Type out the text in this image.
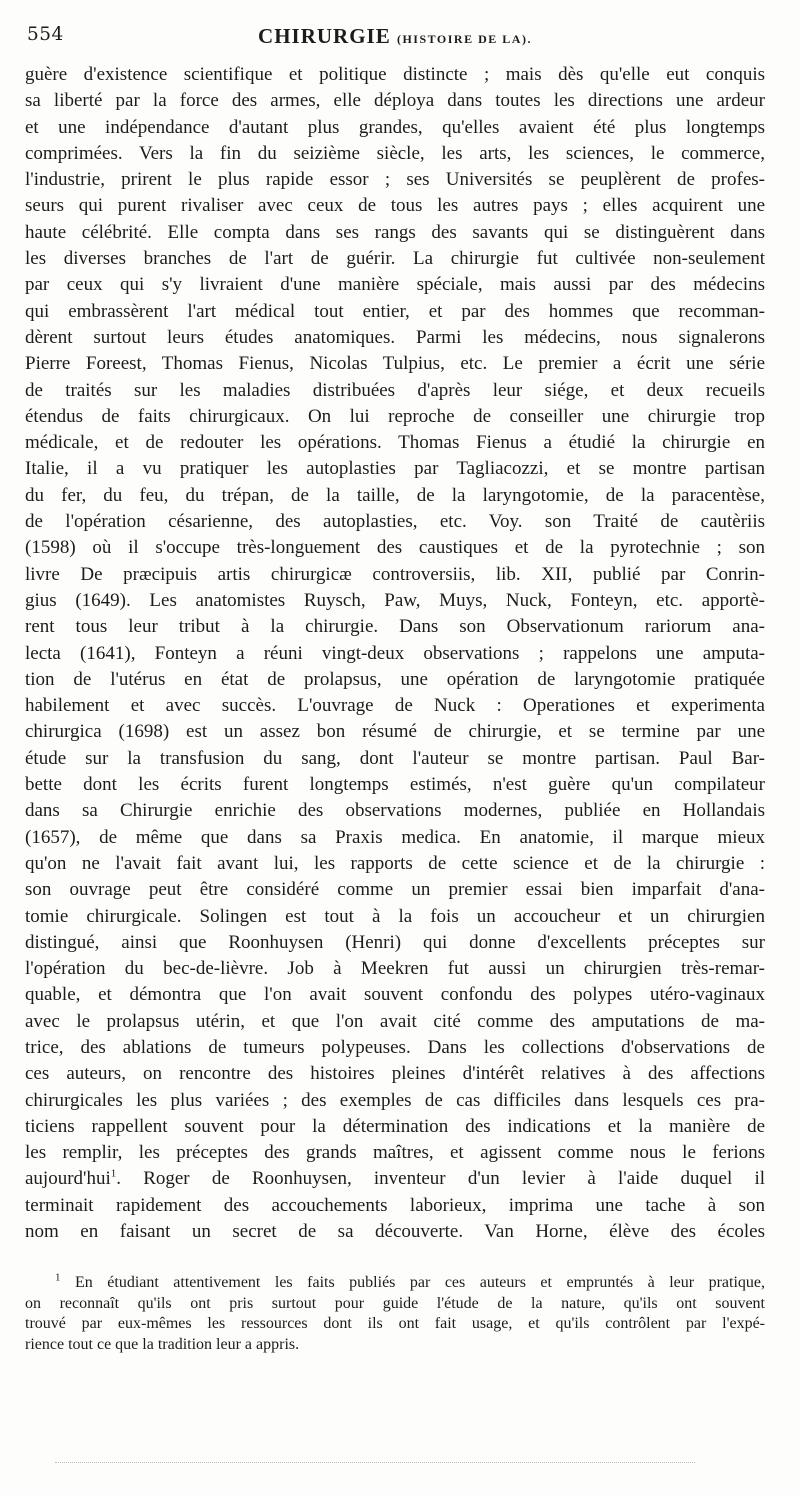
554	CHIRURGIE (HISTOIRE DE LA).
guère d'existence scientifique et politique distincte ; mais dès qu'elle eut conquis
sa liberté par la force des armes, elle déploya dans toutes les directions une ardeur
et une indépendance d'autant plus grandes, qu'elles avaient été plus longtemps
comprimées. Vers la fin du seizième siècle, les arts, les sciences, le commerce,
l'industrie, prirent le plus rapide essor ; ses Universités se peuplèrent de profes-
seurs qui purent rivaliser avec ceux de tous les autres pays ; elles acquirent une
haute célébrité. Elle compta dans ses rangs des savants qui se distinguèrent dans
les diverses branches de l'art de guérir. La chirurgie fut cultivée non-seulement
par ceux qui s'y livraient d'une manière spéciale, mais aussi par des médecins
qui embrassèrent l'art médical tout entier, et par des hommes que recomman-
dèrent surtout leurs études anatomiques. Parmi les médecins, nous signalerons
Pierre Foreest, Thomas Fienus, Nicolas Tulpius, etc. Le premier a écrit une série
de traités sur les maladies distribuées d'après leur siége, et deux recueils
étendus de faits chirurgicaux. On lui reproche de conseiller une chirurgie trop
médicale, et de redouter les opérations. Thomas Fienus a étudié la chirurgie en
Italie, il a vu pratiquer les autoplasties par Tagliacozzi, et se montre partisan
du fer, du feu, du trépan, de la taille, de la laryngotomie, de la paracentèse,
de l'opération césarienne, des autoplasties, etc. Voy. son Traité de cautèriis
(1598) où il s'occupe très-longuement des caustiques et de la pyrotechnie ; son
livre De præcipuis artis chirurgicæ controversiis, lib. XII, publié par Conrin-
gius (1649). Les anatomistes Ruysch, Paw, Muys, Nuck, Fonteyn, etc. apportè-
rent tous leur tribut à la chirurgie. Dans son Observationum rariorum ana-
lecta (1641), Fonteyn a réuni vingt-deux observations ; rappelons une amputa-
tion de l'utérus en état de prolapsus, une opération de laryngotomie pratiquée
habilement et avec succès. L'ouvrage de Nuck : Operationes et experimenta
chirurgica (1698) est un assez bon résumé de chirurgie, et se termine par une
étude sur la transfusion du sang, dont l'auteur se montre partisan. Paul Bar-
bette dont les écrits furent longtemps estimés, n'est guère qu'un compilateur
dans sa Chirurgie enrichie des observations modernes, publiée en Hollandais
(1657), de même que dans sa Praxis medica. En anatomie, il marque mieux
qu'on ne l'avait fait avant lui, les rapports de cette science et de la chirurgie :
son ouvrage peut être considéré comme un premier essai bien imparfait d'ana-
tomie chirurgicale. Solingen est tout à la fois un accoucheur et un chirurgien
distingué, ainsi que Roonhuysen (Henri) qui donne d'excellents préceptes sur
l'opération du bec-de-lièvre. Job à Meekren fut aussi un chirurgien très-remar-
quable, et démontra que l'on avait souvent confondu des polypes utéro-vaginaux
avec le prolapsus utérin, et que l'on avait cité comme des amputations de ma-
trice, des ablations de tumeurs polypeuses. Dans les collections d'observations de
ces auteurs, on rencontre des histoires pleines d'intérêt relatives à des affections
chirurgicales les plus variées ; des exemples de cas difficiles dans lesquels ces pra-
ticiens rappellent souvent pour la détermination des indications et la manière de
les remplir, les préceptes des grands maîtres, et agissent comme nous le ferions
aujourd'hui$^1$. Roger de Roonhuysen, inventeur d'un levier à l'aide duquel il
terminait rapidement des accouchements laborieux, imprima une tache à son
nom en faisant un secret de sa découverte. Van Horne, élève des écoles
$^1$ En étudiant attentivement les faits publiés par ces auteurs et empruntés à leur pratique,
on reconnaît qu'ils ont pris surtout pour guide l'étude de la nature, qu'ils ont souvent
trouvé par eux-mêmes les ressources dont ils ont fait usage, et qu'ils contrôlent par l'expé-
rience tout ce que la tradition leur a appris.
